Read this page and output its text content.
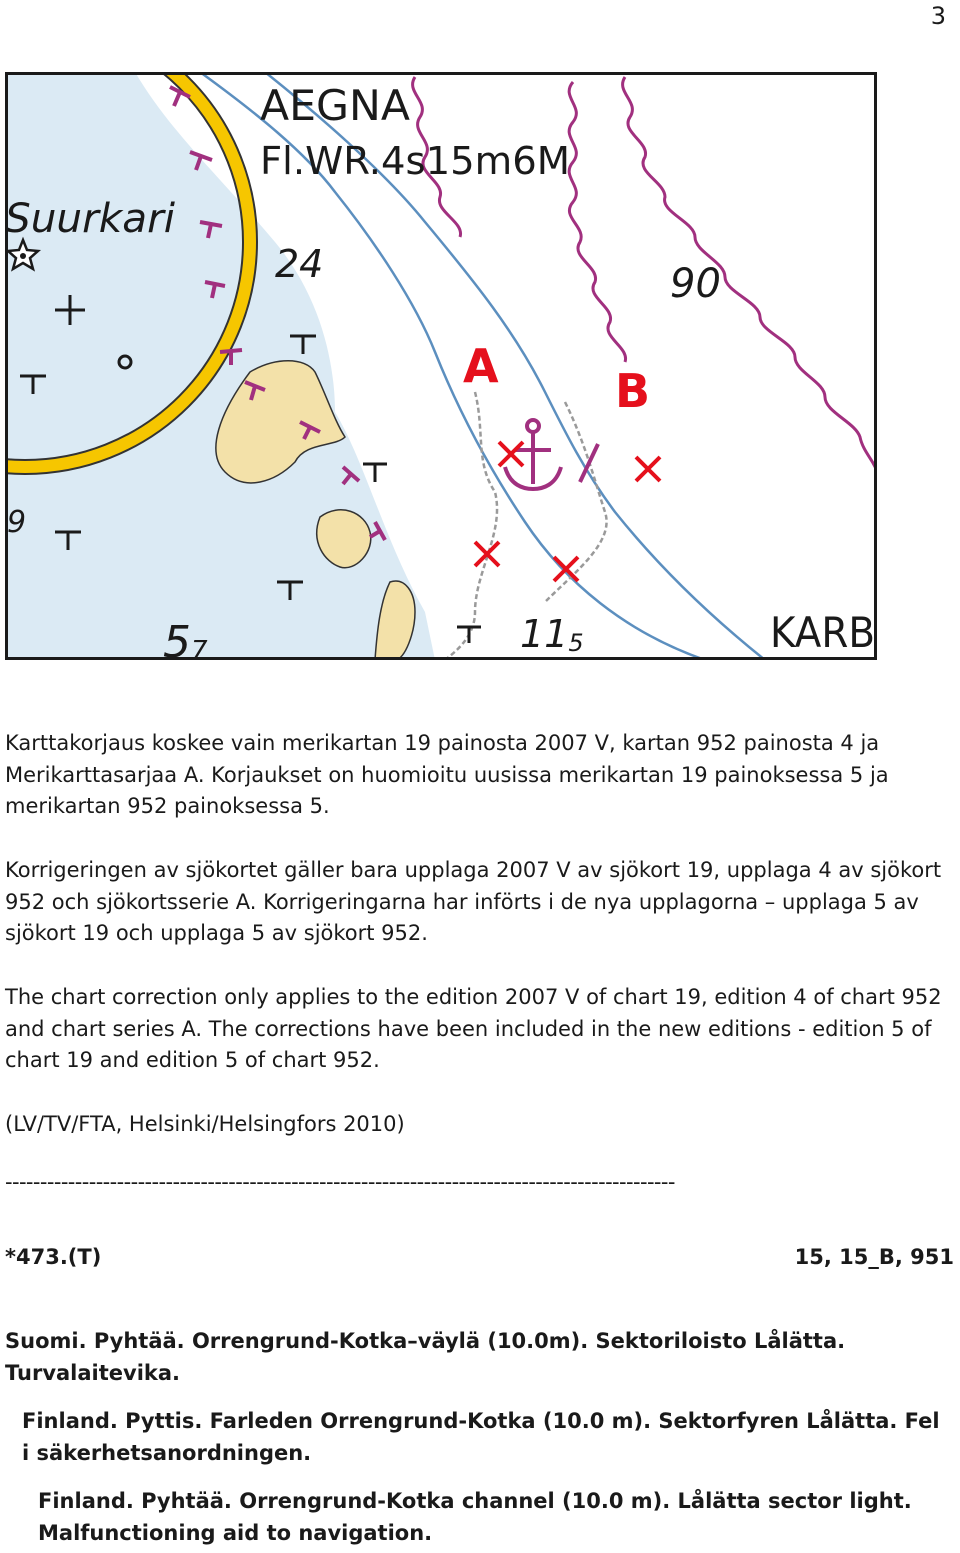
3
AEGNA
Fl.WR.4s15m6M
Suurkari
24	90
A	B
9
57	115	KARB

Karttakorjaus koskee vain merikartan 19 painosta 2007 V, kartan 952 painosta 4 ja Merikarttasarjaa A. Korjaukset on huomioitu uusissa merikartan 19 painoksessa 5 ja merikartan 952 painoksessa 5.

Korrigeringen av sjökortet gäller bara upplaga 2007 V av sjökort 19, upplaga 4 av sjökort 952 och sjökortsserie A. Korrigeringarna har införts i de nya upplagorna – upplaga 5 av sjökort 19 och upplaga 5 av sjökort 952.

The chart correction only applies to the edition 2007 V of chart 19, edition 4 of chart 952 and chart series A. The corrections have been included in the new editions - edition 5 of chart 19 and edition 5 of chart 952.

(LV/TV/FTA, Helsinki/Helsingfors 2010)

------------------------------------------------------------------------------------------------
*473.(T)	15, 15_B, 951

Suomi. Pyhtää. Orrengrund-Kotka–väylä (10.0m). Sektoriloisto Lålätta. Turvalaitevika.

Finland. Pyttis. Farleden Orrengrund-Kotka (10.0 m). Sektorfyren Lålätta. Fel i säkerhetsanordningen.

Finland. Pyhtää. Orrengrund-Kotka channel (10.0 m). Lålätta sector light. Malfunctioning aid to navigation.
